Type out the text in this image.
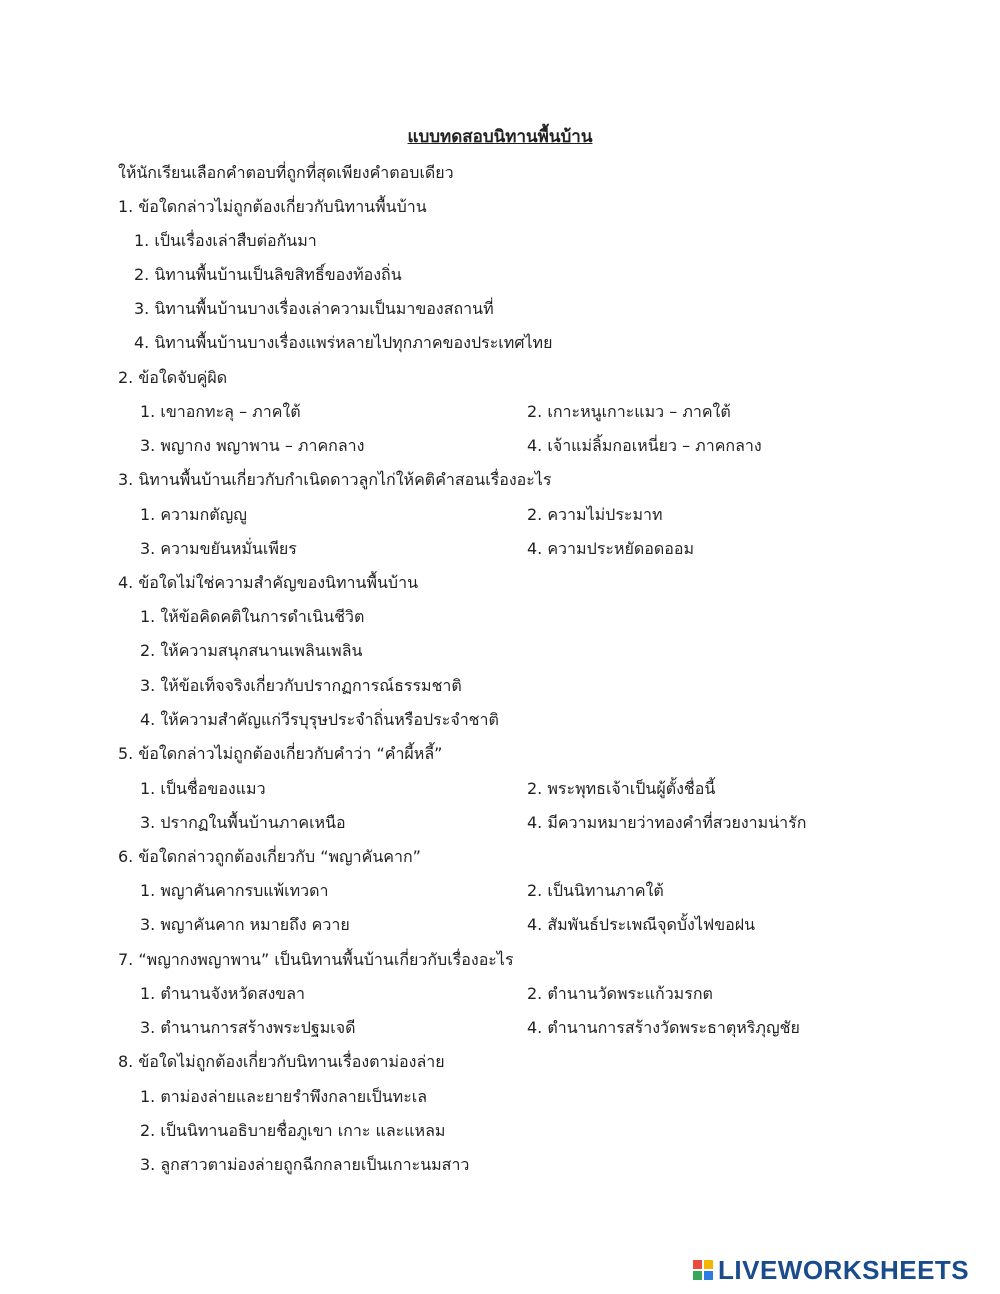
แบบทดสอบนิทานพื้นบ้าน
ให้นักเรียนเลือกคำตอบที่ถูกที่สุดเพียงคำตอบเดียว
1. ข้อใดกล่าวไม่ถูกต้องเกี่ยวกับนิทานพื้นบ้าน
1. เป็นเรื่องเล่าสืบต่อกันมา
2. นิทานพื้นบ้านเป็นลิขสิทธิ์ของท้องถิ่น
3. นิทานพื้นบ้านบางเรื่องเล่าความเป็นมาของสถานที่
4. นิทานพื้นบ้านบางเรื่องแพร่หลายไปทุกภาคของประเทศไทย
2. ข้อใดจับคู่ผิด
1. เขาอกทะลุ – ภาคใต้	2. เกาะหนูเกาะแมว – ภาคใต้
3. พญากง พญาพาน – ภาคกลาง	4. เจ้าแม่ลิ้มกอเหนี่ยว – ภาคกลาง
3. นิทานพื้นบ้านเกี่ยวกับกำเนิดดาวลูกไก่ให้คติคำสอนเรื่องอะไร
1. ความกตัญญู	2. ความไม่ประมาท
3. ความขยันหมั่นเพียร	4. ความประหยัดอดออม
4. ข้อใดไม่ใช่ความสำคัญของนิทานพื้นบ้าน
1. ให้ข้อคิดคติในการดำเนินชีวิต
2. ให้ความสนุกสนานเพลินเพลิน
3. ให้ข้อเท็จจริงเกี่ยวกับปรากฏการณ์ธรรมชาติ
4. ให้ความสำคัญแก่วีรบุรุษประจำถิ่นหรือประจำชาติ
5. ข้อใดกล่าวไม่ถูกต้องเกี่ยวกับคำว่า “คำผี้หลี้”
1. เป็นชื่อของแมว	2. พระพุทธเจ้าเป็นผู้ตั้งชื่อนี้
3. ปรากฏในพื้นบ้านภาคเหนือ	4. มีความหมายว่าทองคำที่สวยงามน่ารัก
6. ข้อใดกล่าวถูกต้องเกี่ยวกับ “พญาคันคาก”
1. พญาคันคากรบแพ้เทวดา	2. เป็นนิทานภาคใต้
3. พญาคันคาก หมายถึง ควาย	4. สัมพันธ์ประเพณีจุดบั้งไฟขอฝน
7. “พญากงพญาพาน” เป็นนิทานพื้นบ้านเกี่ยวกับเรื่องอะไร
1. ตำนานจังหวัดสงขลา	2. ตำนานวัดพระแก้วมรกต
3. ตำนานการสร้างพระปฐมเจดี	4. ตำนานการสร้างวัดพระธาตุหริภุญชัย
8. ข้อใดไม่ถูกต้องเกี่ยวกับนิทานเรื่องตาม่องล่าย
1. ตาม่องล่ายและยายรำพึงกลายเป็นทะเล
2. เป็นนิทานอธิบายชื่อภูเขา เกาะ และแหลม
3. ลูกสาวตาม่องล่ายถูกฉีกกลายเป็นเกาะนมสาว
LIVEWORKSHEETS
